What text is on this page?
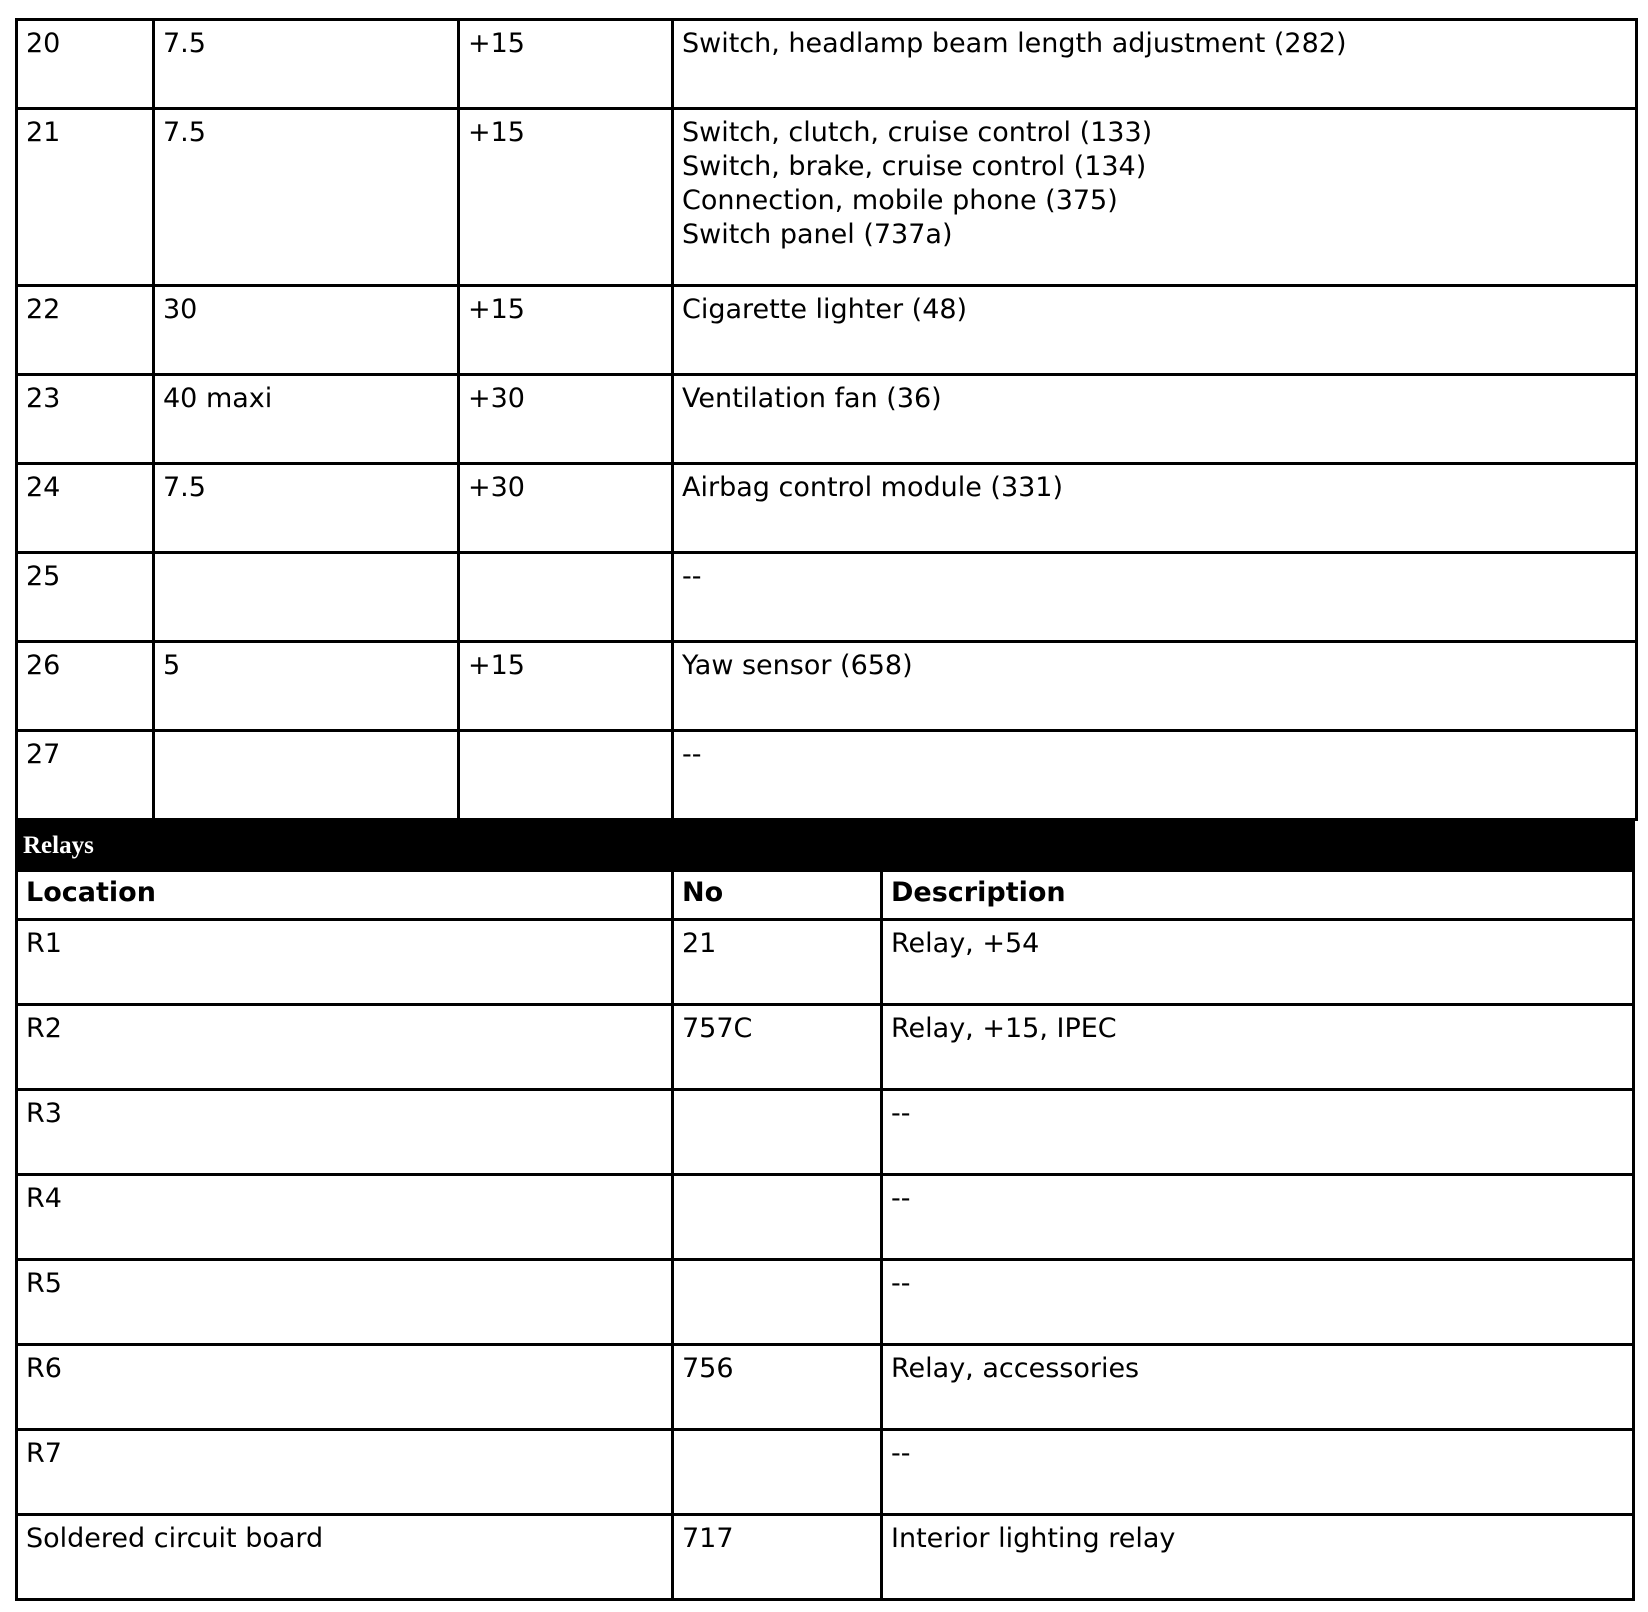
20	7.5	+15	Switch, headlamp beam length adjustment (282)

21	7.5	+15	Switch, clutch, cruise control (133)
Switch, brake, cruise control (134)
Connection, mobile phone (375)
Switch panel (737a)

22	30	+15	Cigarette lighter (48)

23	40 maxi	+30	Ventilation fan (36)

24	7.5	+30	Airbag control module (331)

25			--

26	5	+15	Yaw sensor (658)

27			--
Relays
Location	No	Description
R1	21	Relay, +54
R2	757C	Relay, +15, IPEC
R3		--
R4		--
R5		--
R6	756	Relay, accessories
R7		--
Soldered circuit board	717	Interior lighting relay
